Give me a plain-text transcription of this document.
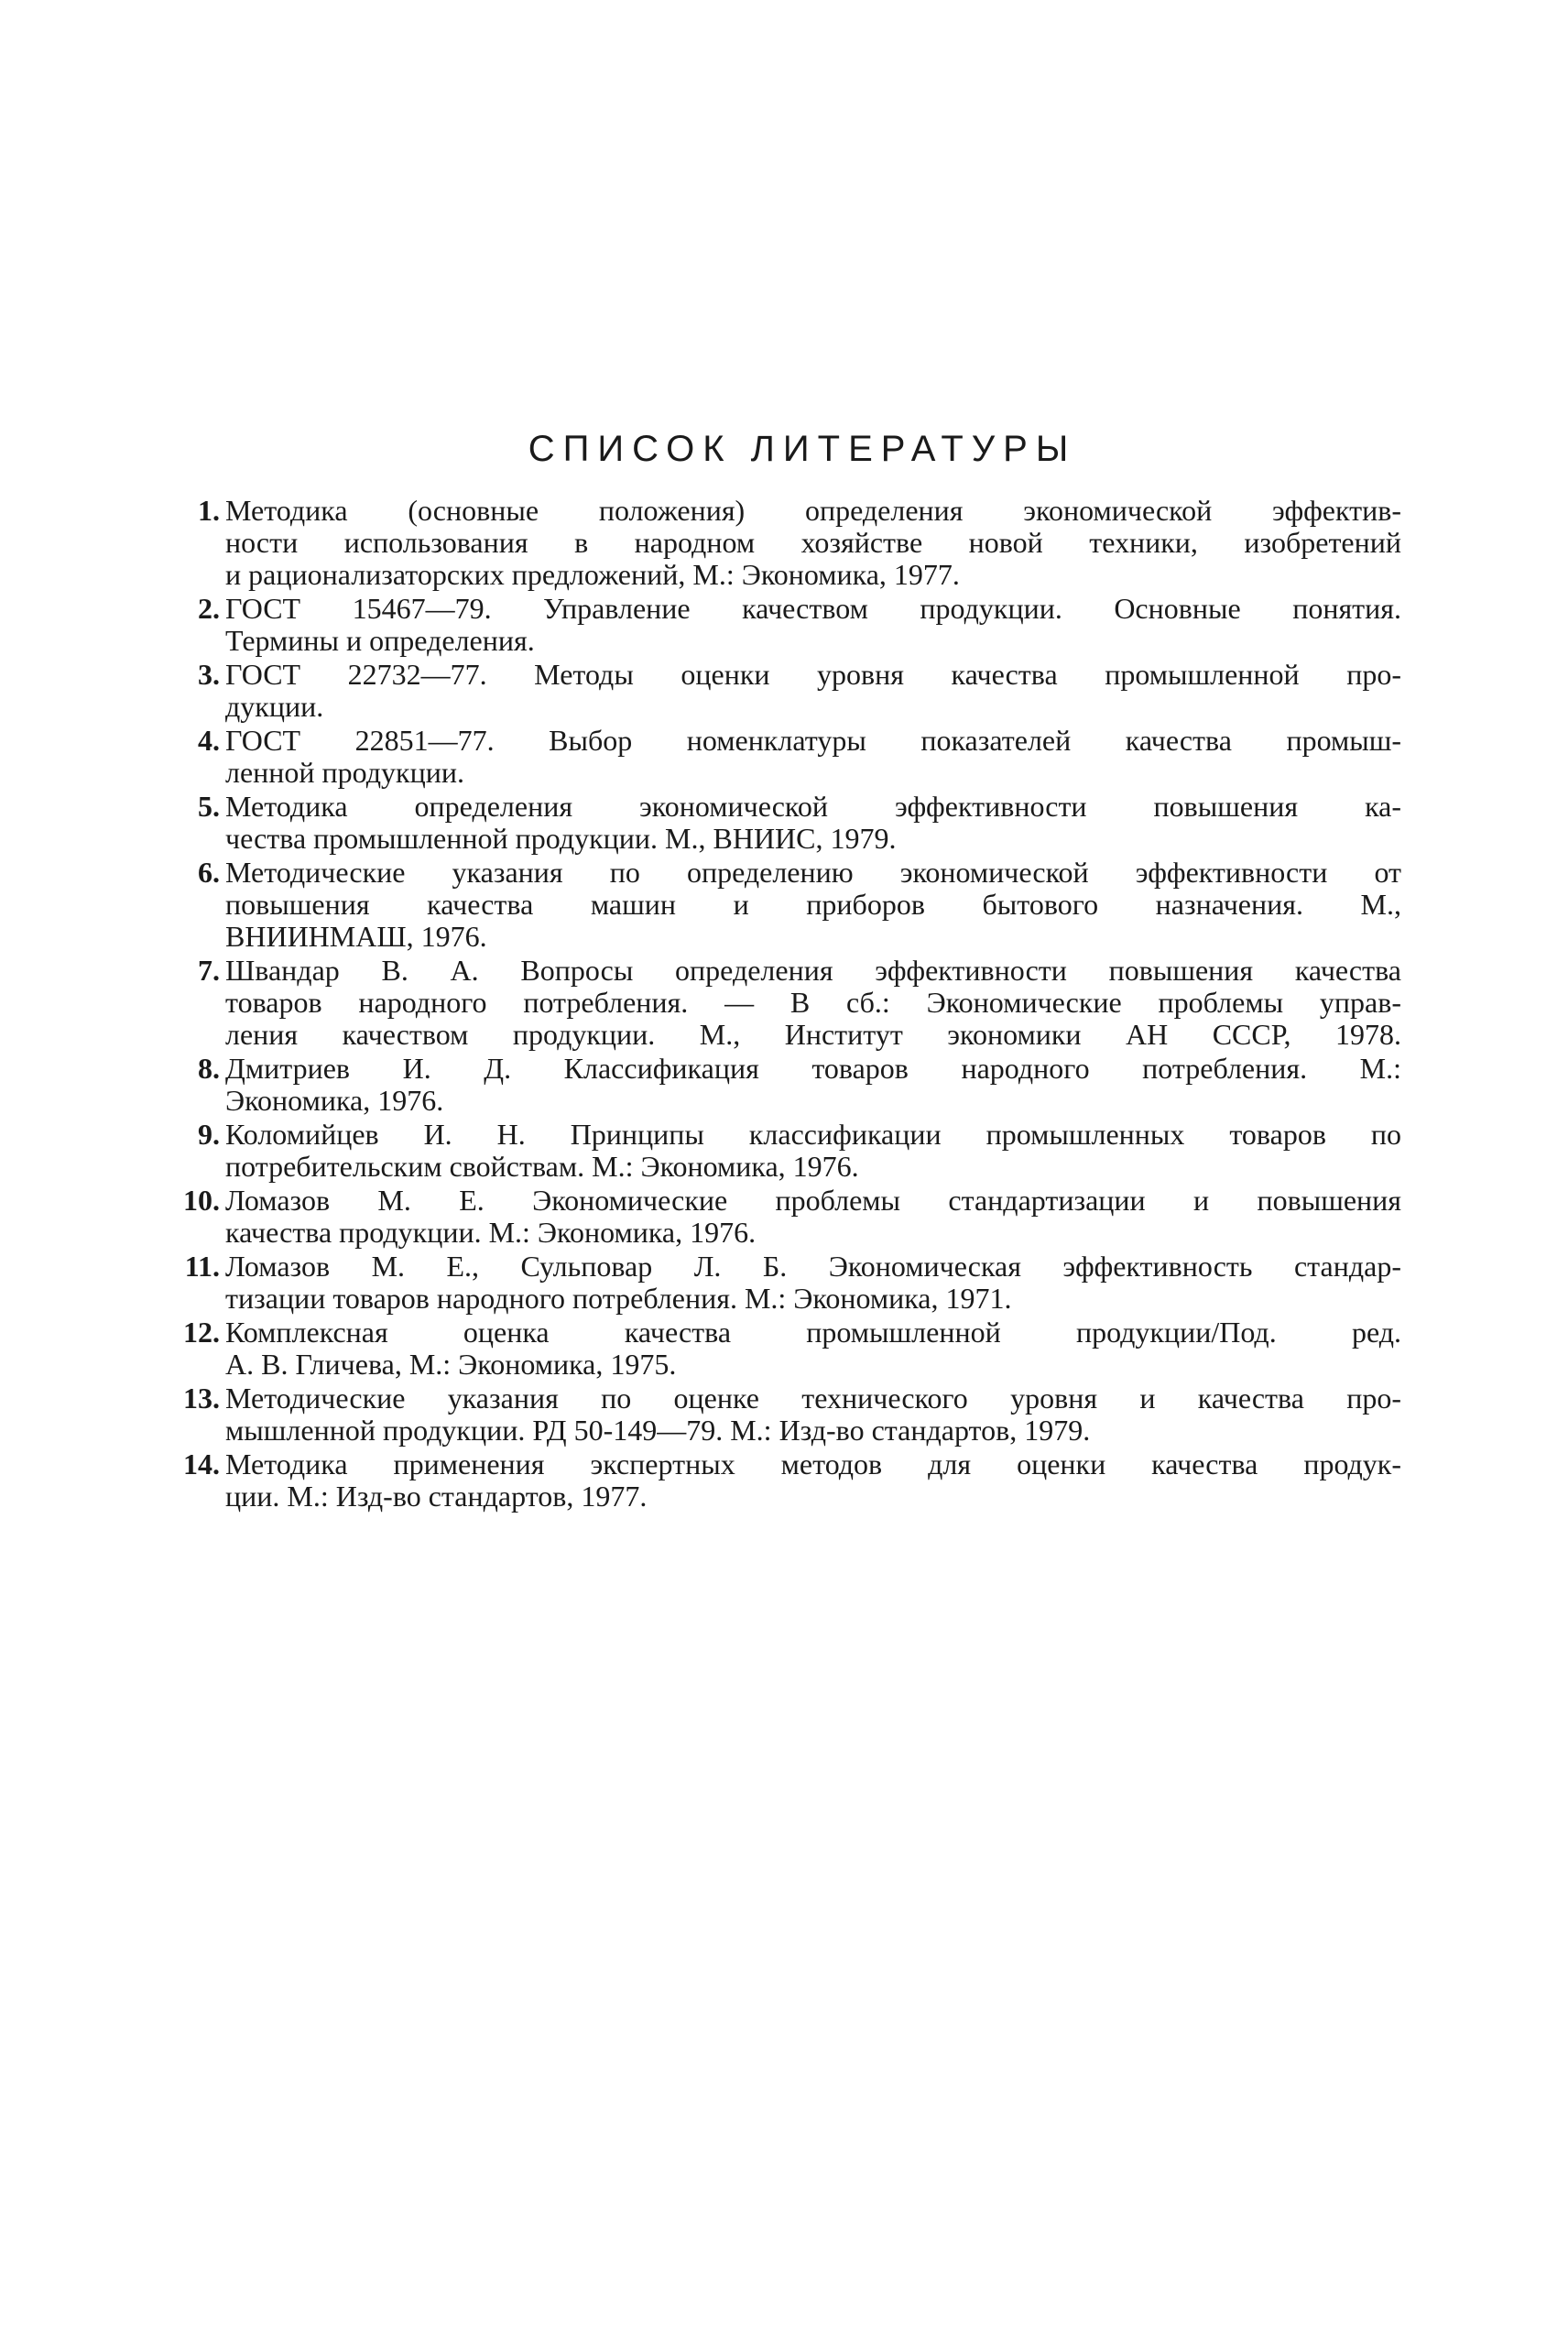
СПИСОК ЛИТЕРАТУРЫ
1. Методика (основные положения) определения экономической эффектив-
ности использования в народном хозяйстве новой техники, изобретений
и рационализаторских предложений, М.: Экономика, 1977.
2. ГОСТ 15467—79. Управление качеством продукции. Основные понятия.
Термины и определения.
3. ГОСТ 22732—77. Методы оценки уровня качества промышленной про-
дукции.
4. ГОСТ 22851—77. Выбор номенклатуры показателей качества промыш-
ленной продукции.
5. Методика определения экономической эффективности повышения ка-
чества промышленной продукции. М., ВНИИС, 1979.
6. Методические указания по определению экономической эффективности от
повышения качества машин и приборов бытового назначения. М.,
ВНИИНМАШ, 1976.
7. Швандар В. А. Вопросы определения эффективности повышения качества
товаров народного потребления. — В сб.: Экономические проблемы управ-
ления качеством продукции. М., Институт экономики АН СССР, 1978.
8. Дмитриев И. Д. Классификация товаров народного потребления. М.:
Экономика, 1976.
9. Коломийцев И. Н. Принципы классификации промышленных товаров по
потребительским свойствам. М.: Экономика, 1976.
10. Ломазов М. Е. Экономические проблемы стандартизации и повышения
качества продукции. М.: Экономика, 1976.
11. Ломазов М. Е., Сульповар Л. Б. Экономическая эффективность стандар-
тизации товаров народного потребления. М.: Экономика, 1971.
12. Комплексная оценка качества промышленной продукции/Под. ред.
А. В. Гличева, М.: Экономика, 1975.
13. Методические указания по оценке технического уровня и качества про-
мышленной продукции. РД 50-149—79. М.: Изд-во стандартов, 1979.
14. Методика применения экспертных методов для оценки качества продук-
ции. М.: Изд-во стандартов, 1977.
